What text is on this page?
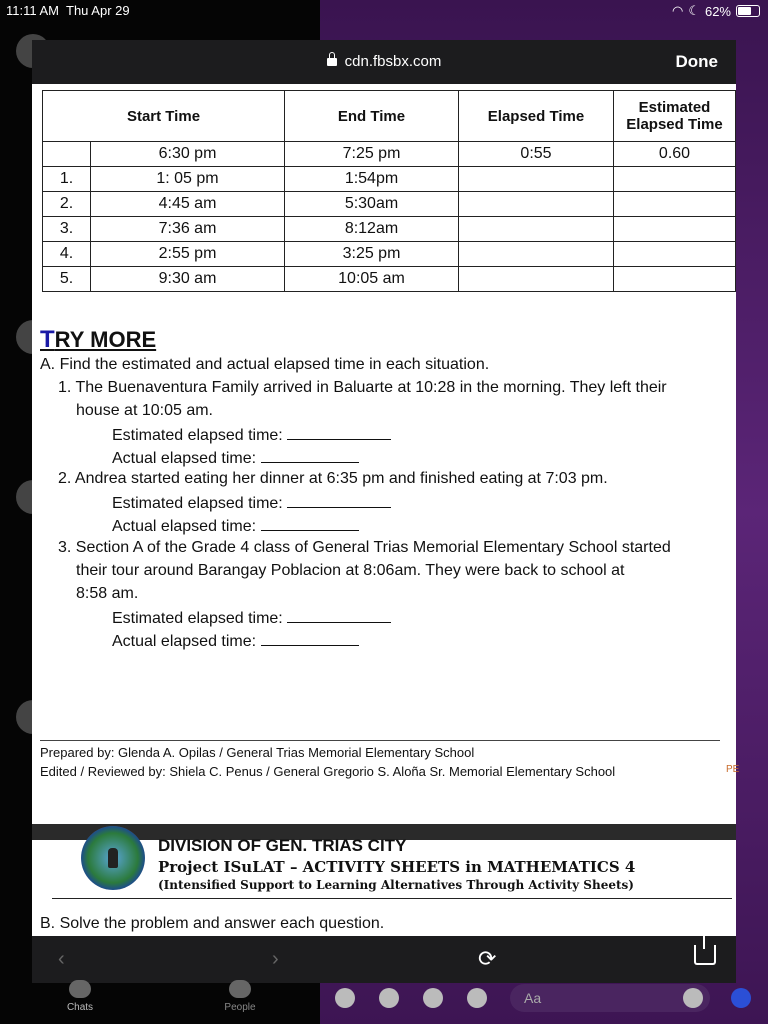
11:11 AM Thu Apr 29	◠ ☾ 62%
cdn.fbsbx.com	Done
Start Time		End Time	Elapsed Time	Estimated Elapsed Time
	6:30 pm	7:25 pm	0:55	0.60
1.	1: 05 pm	1:54pm		
2.	4:45 am	5:30am		
3.	7:36 am	8:12am		
4.	2:55 pm	3:25 pm		
5.	9:30 am	10:05 am		
TRY MORE
A. Find the estimated and actual elapsed time in each situation.
1. The Buenaventura Family arrived in Baluarte at 10:28 in the morning. They left their
house at 10:05 am.
Estimated elapsed time:
Actual elapsed time:
2. Andrea started eating her dinner at 6:35 pm and finished eating at 7:03 pm.
Estimated elapsed time:
Actual elapsed time:
3. Section A of the Grade 4 class of General Trias Memorial Elementary School started
their tour around Barangay Poblacion at 8:06am. They were back to school at
8:58 am.
Estimated elapsed time:
Actual elapsed time:
Prepared by: Glenda A. Opilas / General Trias Memorial Elementary School
Edited / Reviewed by: Shiela C. Penus / General Gregorio S. Aloña Sr. Memorial Elementary School	PE
DIVISION OF GEN. TRIAS CITY
Project ISuLAT – ACTIVITY SHEETS in MATHEMATICS 4
(Intensified Support to Learning Alternatives Through Activity Sheets)
B. Solve the problem and answer each question.
‹	›	⟳
Chats	People
Aa
